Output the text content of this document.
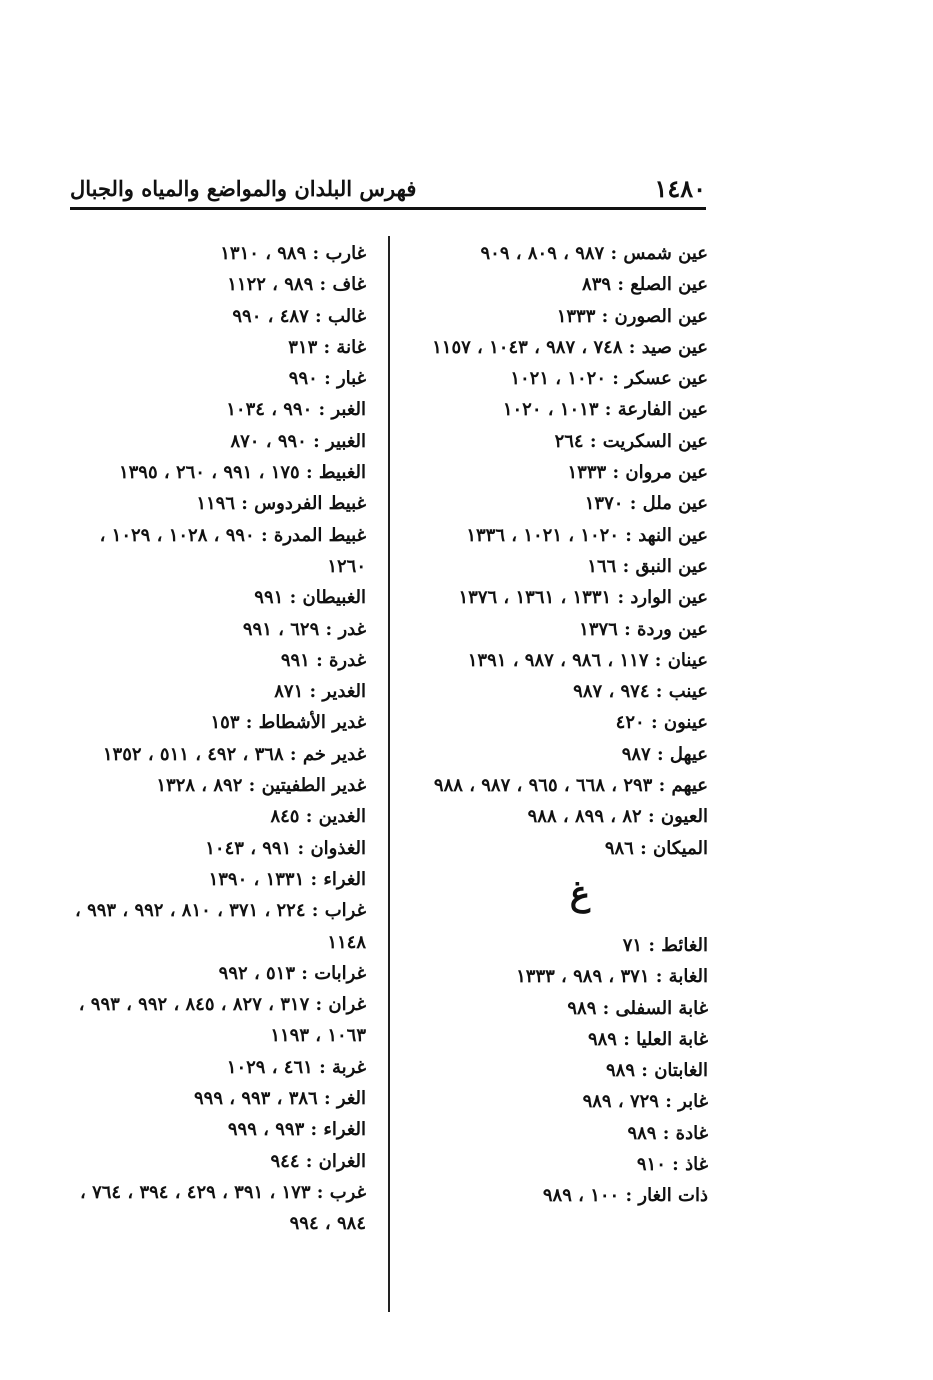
١٤٨٠
فهرس البلدان والمواضع والمياه والجبال
عين شمس : ٩٨٧ ، ٨٠٩ ، ٩٠٩
عين الصلع : ٨٣٩
عين الصورن : ١٣٣٣
عين صيد : ٧٤٨ ، ٩٨٧ ، ١٠٤٣ ، ١١٥٧
عين عسكر : ١٠٢٠ ، ١٠٢١
عين الفارعة : ١٠١٣ ، ١٠٢٠
عين السكريت : ٢٦٤
عين مروان : ١٣٣٣
عين ملل : ١٣٧٠
عين النهد : ١٠٢٠ ، ١٠٢١ ، ١٣٣٦
عين النبق : ١٦٦
عين الوارد : ١٣٣١ ، ١٣٦١ ، ١٣٧٦
عين وردة : ١٣٧٦
عينان : ١١٧ ، ٩٨٦ ، ٩٨٧ ، ١٣٩١
عينب : ٩٧٤ ، ٩٨٧
عينون : ٤٢٠
عيهل : ٩٨٧
عيهم : ٢٩٣ ، ٦٦٨ ، ٩٦٥ ، ٩٨٧ ، ٩٨٨
العيون : ٨٢ ، ٨٩٩ ، ٩٨٨
الميكان : ٩٨٦
غ
الغائط : ٧١
الغابة : ٣٧١ ، ٩٨٩ ، ١٣٣٣
غابة السفلى : ٩٨٩
غابة العليا : ٩٨٩
الغابتان : ٩٨٩
غابر : ٧٢٩ ، ٩٨٩
غادة : ٩٨٩
غاذ : ٩١٠
ذات الغار : ١٠٠ ، ٩٨٩
غارب : ٩٨٩ ، ١٣١٠
غاف : ٩٨٩ ، ١١٢٢
غالب : ٤٨٧ ، ٩٩٠
غانة : ٣١٣
غبار : ٩٩٠
الغبر : ٩٩٠ ، ١٠٣٤
الغبير : ٩٩٠ ، ٨٧٠
الغبيط : ١٧٥ ، ٩٩١ ، ٢٦٠ ، ١٣٩٥
غبيط الفردوس : ١١٩٦
غبيط المدرة : ٩٩٠ ، ١٠٢٨ ، ١٠٢٩ ، ١٢٦٠
الغبيطان : ٩٩١
غدر : ٦٢٩ ، ٩٩١
غدرة : ٩٩١
الغدير : ٨٧١
غدير الأشطاط : ١٥٣
غدير خم : ٣٦٨ ، ٤٩٢ ، ٥١١ ، ١٣٥٢
غدير الطفيتين : ٨٩٢ ، ١٣٢٨
الغدين : ٨٤٥
الغذوان : ٩٩١ ، ١٠٤٣
الغراء : ١٣٣١ ، ١٣٩٠
غراب : ٢٢٤ ، ٣٧١ ، ٨١٠ ، ٩٩٢ ، ٩٩٣ ، ١١٤٨
غرابات : ٥١٣ ، ٩٩٢
غران : ٣١٧ ، ٨٢٧ ، ٨٤٥ ، ٩٩٢ ، ٩٩٣ ، ١٠٦٣ ، ١١٩٣
غربة : ٤٦١ ، ١٠٢٩
الغر : ٣٨٦ ، ٩٩٣ ، ٩٩٩
الغراء : ٩٩٣ ، ٩٩٩
الغران : ٩٤٤
غرب : ١٧٣ ، ٣٩١ ، ٤٢٩ ، ٣٩٤ ، ٧٦٤ ، ٩٨٤ ، ٩٩٤
